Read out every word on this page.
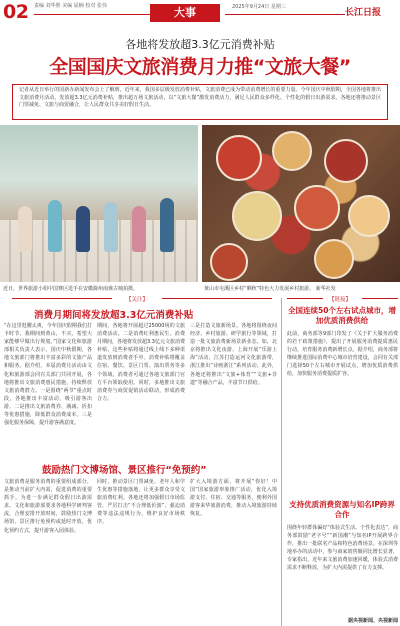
02 责编 刘华胜 美编 屈楠 校对 张伟	大事	2025年9月24日 星期三
长江日报
各地将发放超3.3亿元消费补贴
全国国庆文旅消费月力推“文旅大餐”
记者从近日举行的国新办新闻发布会上了解到，近年来，我国多层级发放消费补贴，文旅消费已成为带动消费增长的重要力量。今年国庆中秋假期，全国各地将推出文旅消费月活动，发放超3.3亿元消费补贴，推出超万场文旅活动，以“文旅大餐”激发消费活力，满足人民群众多样化、个性化的假日出游需求。各地还将推动景区门票减免、文旅与商贸融合，让人民群众共享美好假日生活。
近日，世界旅游小姐中国赛区选手在安徽滁州南谯古城拍摄。	黄山市屯溪区乡村“晒秋”特色大力发展乡村旅游。 新华社发
【关注】
消费月期间将发放超3.3亿元消费补贴
“在这里逛腰太爽，今年国庆假期我们打卡时节，我期间到黄山，不买，希望大家能够早做出行规划。”国家文化和旅游部相关负责人表示，国庆中秋假期，各地文旅部门将推出丰富多彩的文旅产品和服务。据介绍，本届消费月活动由文化和旅游部会同有关部门共同开展，各地将推出文旅消费惠民措施，持续释放文旅消费潜力。一是围绕“两节”重点时段，各地推出丰富活动，吸引游客出游。二是推出文旅消费券、满减、折扣等优惠措施，降低群众消费成本。三是强化服务保障，提升游客满意度。
期间，各地将开展超过25000场的文旅消费活动。二是消费红利惠民生。消费月期间，各地将发放超3.3亿元文旅消费补贴，这些补贴将通过线上线下多种渠道发放到消费者手中。消费补贴将覆盖住宿、餐饮、景区门票、演出票务等多个领域，消费者可通过各地文旅部门官方平台领取使用。同时，多地推出文旅消费券与商贸促销活动联动，形成消费合力。
三是打造文旅新场景。各地将围绕夜间经济、乡村旅游、研学旅行等领域，打造一批文旅消费新场景新业态。如，北京将推出文化夜游、上海开展“乐游上海”活动，江苏打造运河文化旅游带，浙江推出“诗画浙江”系列活动。此外，各地还将推出“文旅+体育”“文旅+非遗”等融合产品，丰富节日供给。
鼓励热门文博场馆、景区推行“免预约”
文旅消费是服务消费的重要组成部分，是推动当前扩大内需、促进消费的重要抓手。为进一步满足群众假日出游需求，文化和旅游部要求各地科学研判客流，合理安排开放时间，鼓励热门文博场馆、景区推行免预约或延时开放，优化预约方式，提升游客入园体验。
同时，推动景区门票减免、老年人和学生优惠等措施落地，让更多群众享受文旅消费红利。各地还将加强假日市场监管，严厉打击“不合理低价游”、强迫消费等违法违规行为，维护良好市场秩序。
扩大入境游方面，将开展“你好！中国”国家旅游形象推广活动，优化入境游支付、住宿、交通等服务，便利外国游客来华旅游消费，推动入境旅游持续恢复。
【链接】
全国连续50个左右试点城市，增加优质消费供给
此前，商务部等9部门印发了《关于扩大服务消费的若干政策措施》，提出了开展服务消费提质惠民行动，培育服务消费新增长点。据介绍，商务部将继续推进国际消费中心城市培育建设，会同有关部门选择50个左右城市开展试点，增加优质消费供给，加快服务消费提质扩容。
支持优质消费资源与知名IP跨界合作
围绕年轻群体偏好“体验式生活、个性化表达”，商务部鼓励“老字号”“新国潮”与知名IP开展跨界合作，推出一批联名产品和特色消费场景。在深圳等地举办的活动中，参与商家销售额同比增长显著，专家指出，近年来文旅消费加速回暖，体验式消费需求不断释放，为扩大内需提供了有力支撑。
据央视新闻、央视新闻
